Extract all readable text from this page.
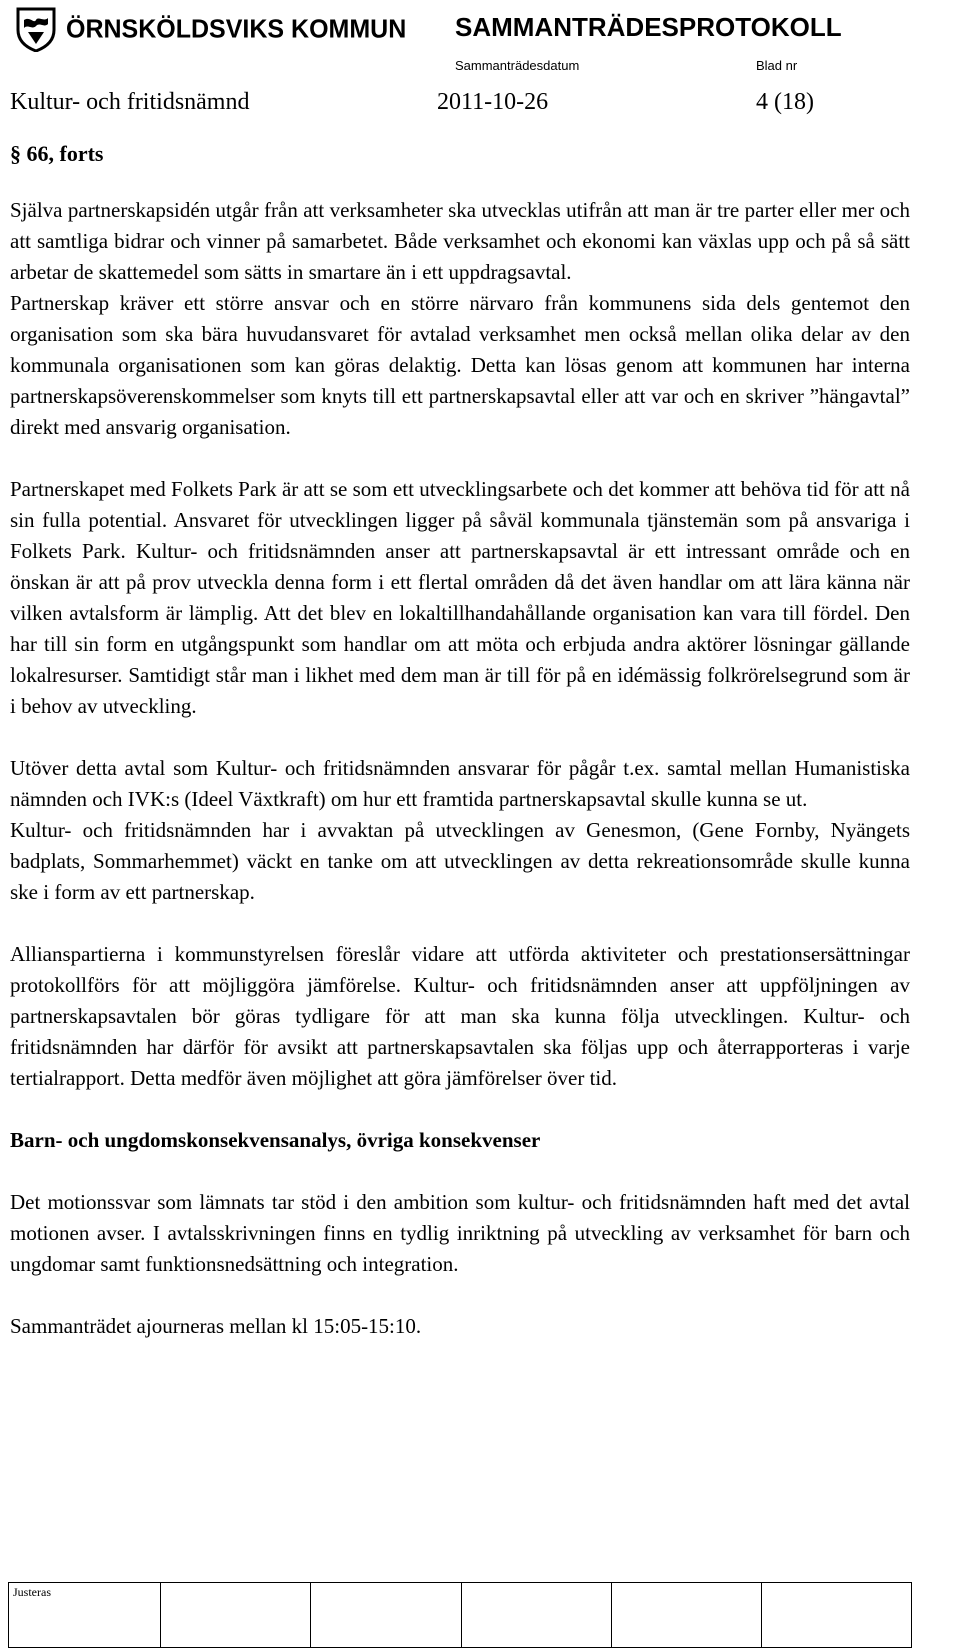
ÖRNSKÖLDSVIKS KOMMUN SAMMANTRÄDESPROTOKOLL
Sammanträdesdatum	Blad nr
Kultur- och fritidsnämnd	2011-10-26	4 (18)
§ 66, forts

Själva partnerskapsidén utgår från att verksamheter ska utvecklas utifrån att man är tre parter eller mer och att samtliga bidrar och vinner på samarbetet. Både verksamhet och ekonomi kan växlas upp och på så sätt arbetar de skattemedel som sätts in smartare än i ett uppdragsavtal.

Partnerskap kräver ett större ansvar och en större närvaro från kommunens sida dels gentemot den organisation som ska bära huvudansvaret för avtalad verksamhet men också mellan olika delar av den kommunala organisationen som kan göras delaktig. Detta kan lösas genom att kommunen har interna partnerskapsöverenskommelser som knyts till ett partnerskapsavtal eller att var och en skriver ”hängavtal” direkt med ansvarig organisation.

Partnerskapet med Folkets Park är att se som ett utvecklingsarbete och det kommer att behöva tid för att nå sin fulla potential. Ansvaret för utvecklingen ligger på såväl kommunala tjänstemän som på ansvariga i Folkets Park. Kultur- och fritidsnämnden anser att partnerskapsavtal är ett intressant område och en önskan är att på prov utveckla denna form i ett flertal områden då det även handlar om att lära känna när vilken avtalsform är lämplig. Att det blev en lokaltillhandahållande organisation kan vara till fördel. Den har till sin form en utgångspunkt som handlar om att möta och erbjuda andra aktörer lösningar gällande lokalresurser. Samtidigt står man i likhet med dem man är till för på en idémässig folkrörelsegrund som är i behov av utveckling.

Utöver detta avtal som Kultur- och fritidsnämnden ansvarar för pågår t.ex. samtal mellan Humanistiska nämnden och IVK:s (Ideel Växtkraft) om hur ett framtida partnerskapsavtal skulle kunna se ut.

Kultur- och fritidsnämnden har i avvaktan på utvecklingen av Genesmon, (Gene Fornby, Nyängets badplats, Sommarhemmet) väckt en tanke om att utvecklingen av detta rekreationsområde skulle kunna ske i form av ett partnerskap.

Allianspartierna i kommunstyrelsen föreslår vidare att utförda aktiviteter och prestationsersättningar protokollförs för att möjliggöra jämförelse. Kultur- och fritidsnämnden anser att uppföljningen av partnerskapsavtalen bör göras tydligare för att man ska kunna följa utvecklingen. Kultur- och fritidsnämnden har därför för avsikt att partnerskapsavtalen ska följas upp och återrapporteras i varje tertialrapport. Detta medför även möjlighet att göra jämförelser över tid.

Barn- och ungdomskonsekvensanalys, övriga konsekvenser

Det motionssvar som lämnats tar stöd i den ambition som kultur- och fritidsnämnden haft med det avtal motionen avser. I avtalsskrivningen finns en tydlig inriktning på utveckling av verksamhet för barn och ungdomar samt funktionsnedsättning och integration.

Sammanträdet ajourneras mellan kl 15:05-15:10.

Justeras					
